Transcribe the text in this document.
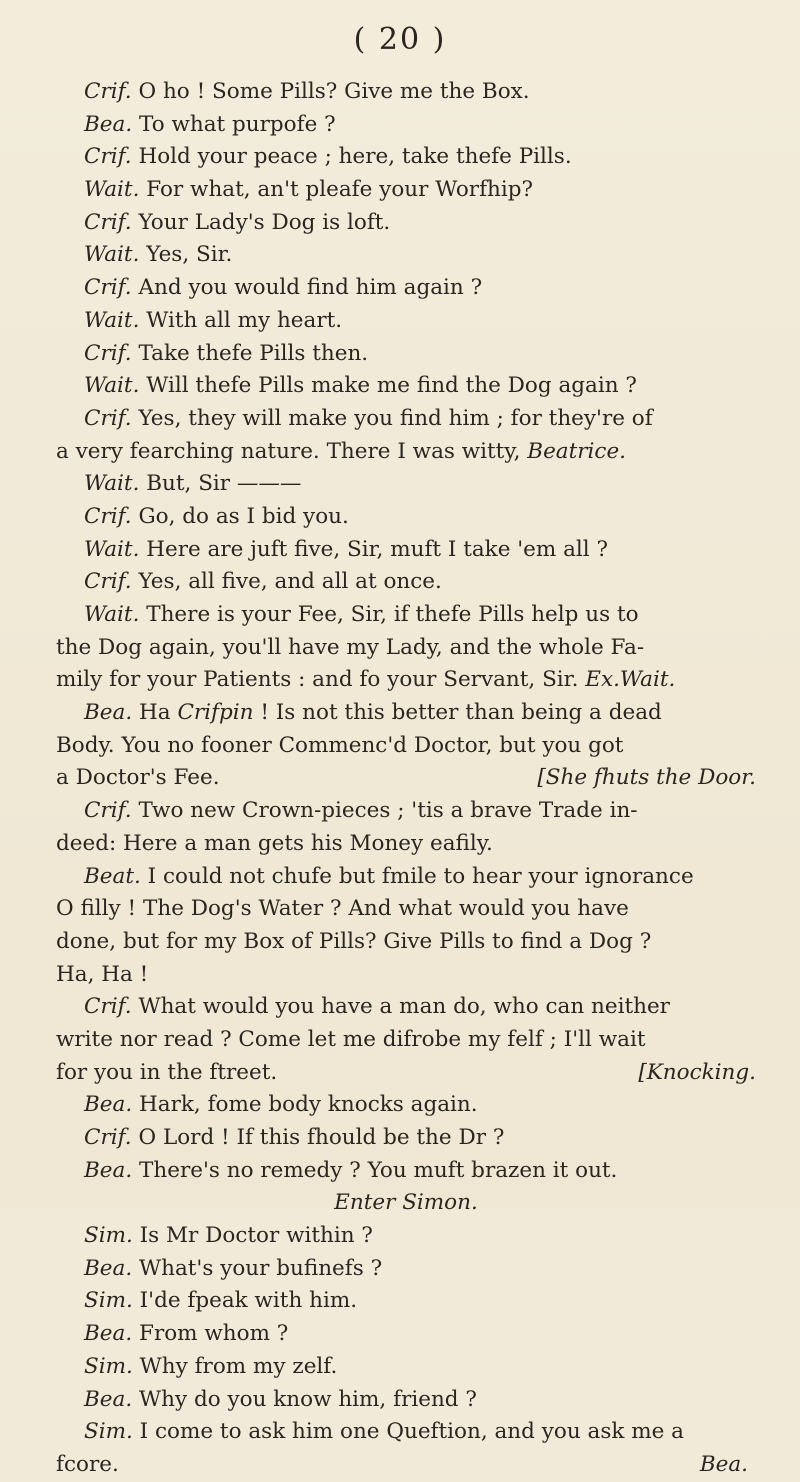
( 20 )
Crif. O ho ! Some Pills? Give me the Box.
Bea. To what purpofe ?
Crif. Hold your peace ; here, take thefe Pills.
Wait. For what, an't pleafe your Worfhip?
Crif. Your Lady's Dog is loft.
Wait. Yes, Sir.
Crif. And you would find him again ?
Wait. With all my heart.
Crif. Take thefe Pills then.
Wait. Will thefe Pills make me find the Dog again ?
Crif. Yes, they will make you find him ; for they're of
a very fearching nature. There I was witty, Beatrice.
Wait. But, Sir ———
Crif. Go, do as I bid you.
Wait. Here are juft five, Sir, muft I take 'em all ?
Crif. Yes, all five, and all at once.
Wait. There is your Fee, Sir, if thefe Pills help us to
the Dog again, you'll have my Lady, and the whole Fa-
mily for your Patients : and fo your Servant, Sir. Ex.Wait.
Bea. Ha Crifpin ! Is not this better than being a dead
Body. You no fooner Commenc'd Doctor, but you got
a Doctor's Fee.	[She fhuts the Door.
Crif. Two new Crown-pieces ; 'tis a brave Trade in-
deed: Here a man gets his Money eafily.
Beat. I could not chufe but fmile to hear your ignorance
O filly ! The Dog's Water ? And what would you have
done, but for my Box of Pills? Give Pills to find a Dog ?
Ha, Ha !
Crif. What would you have a man do, who can neither
write nor read ? Come let me difrobe my felf ; I'll wait
for you in the ftreet.	[Knocking.
Bea. Hark, fome body knocks again.
Crif. O Lord ! If this fhould be the Dr ?
Bea. There's no remedy ? You muft brazen it out.
Enter Simon.
Sim. Is Mr Doctor within ?
Bea. What's your bufinefs ?
Sim. I'de fpeak with him.
Bea. From whom ?
Sim. Why from my zelf.
Bea. Why do you know him, friend ?
Sim. I come to ask him one Queftion, and you ask me a
fcore.	Bea.
